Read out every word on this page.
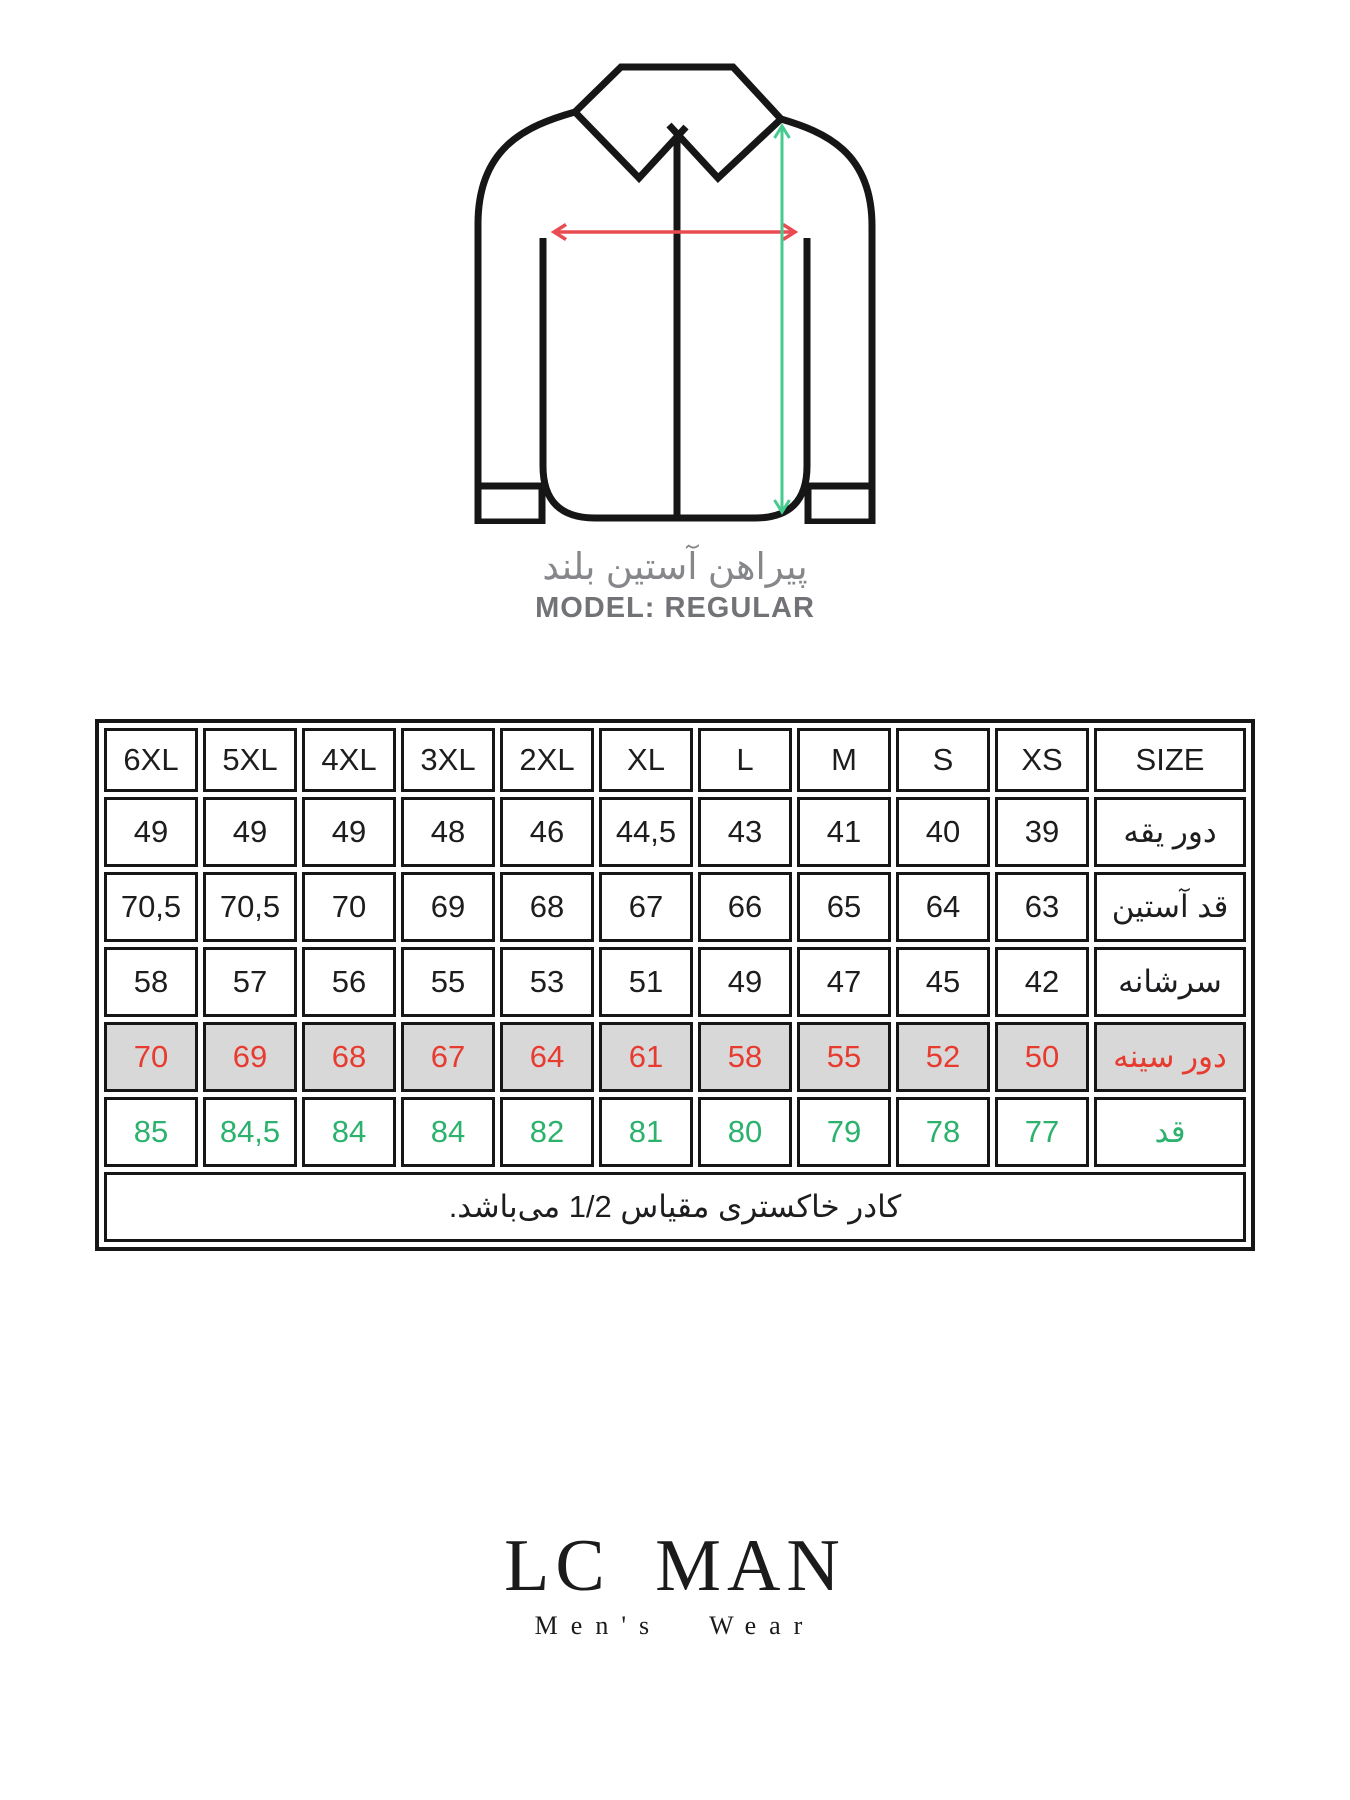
پیراهن آستین بلند
MODEL: REGULAR
6XL	5XL	4XL	3XL	2XL	XL	L	M	S	XS	SIZE
49	49	49	48	46	44,5	43	41	40	39	دور یقه
70,5	70,5	70	69	68	67	66	65	64	63	قد آستین
58	57	56	55	53	51	49	47	45	42	سرشانه
70	69	68	67	64	61	58	55	52	50	دور سینه
85	84,5	84	84	82	81	80	79	78	77	قد
کادر خاکستری مقیاس 1/2 می‌باشد.										
LC MAN
Men's Wear
